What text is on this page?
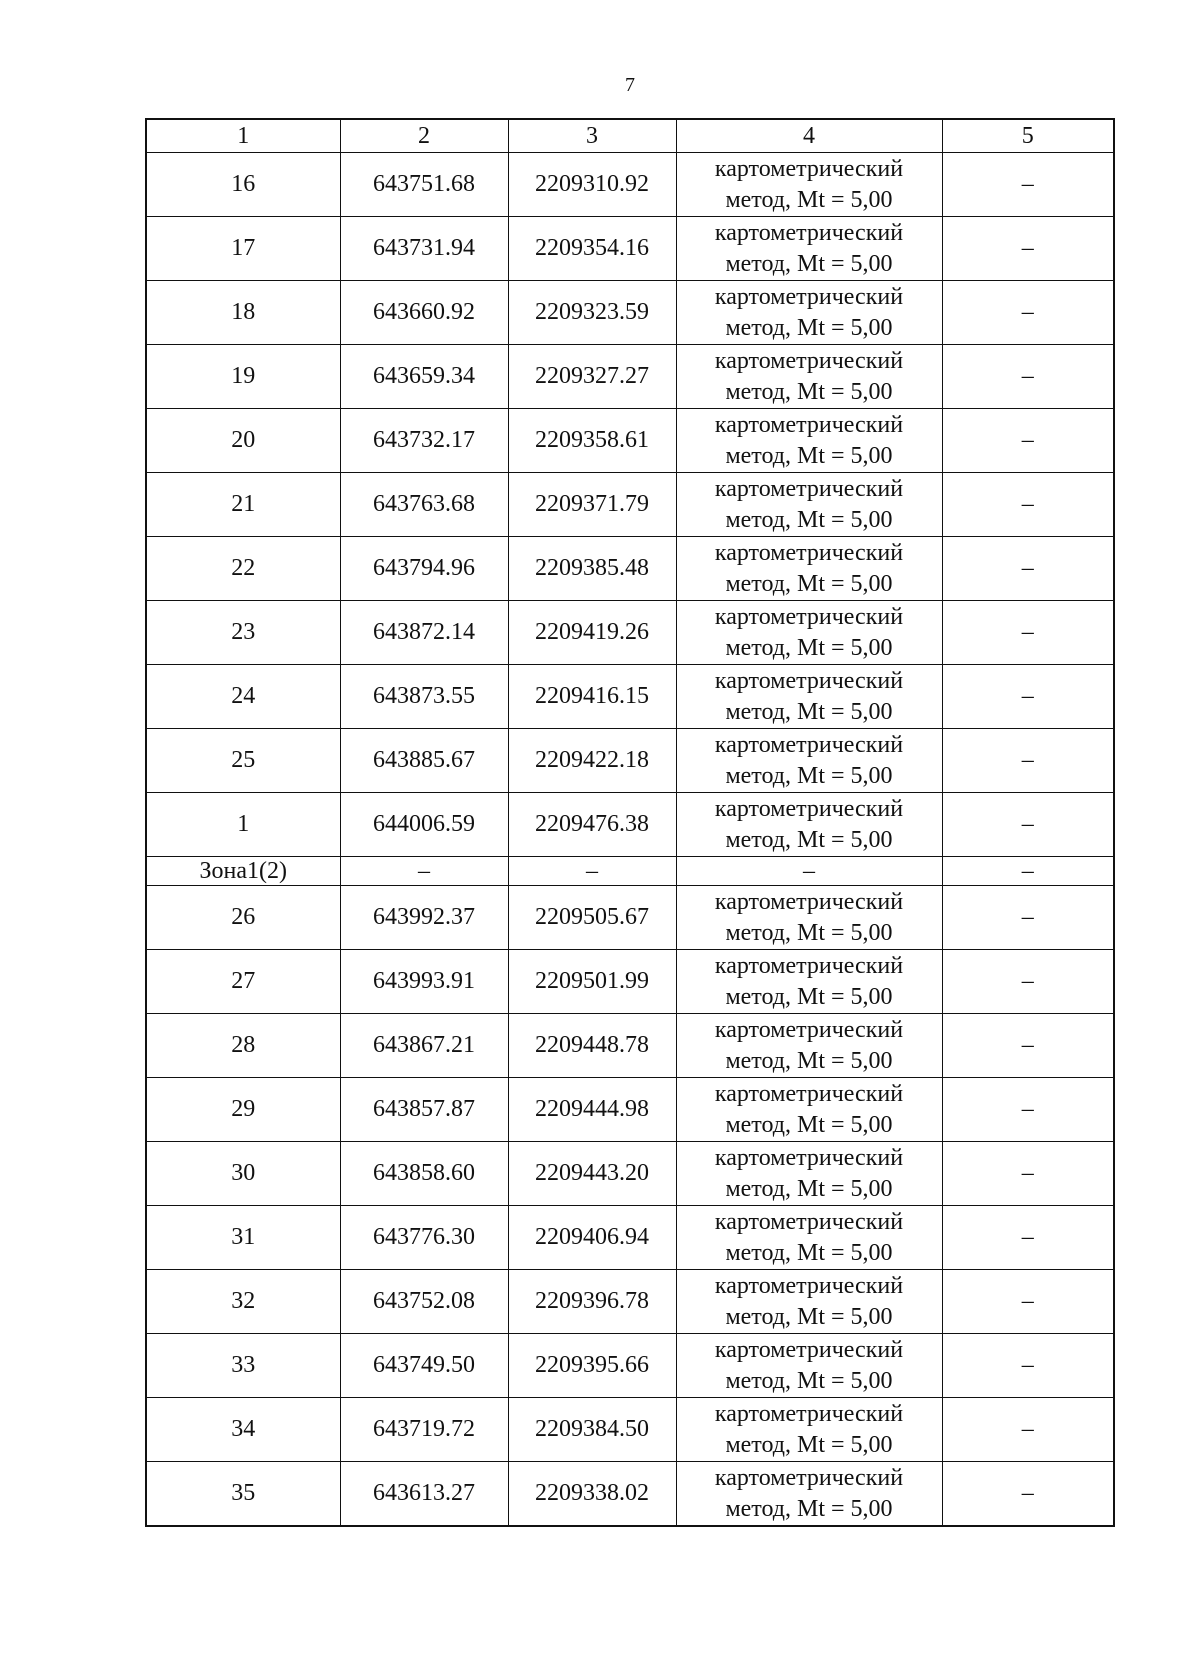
7
1	2	3	4	5
16	643751.68	2209310.92	картометрический
метод, Mt = 5,00	–
17	643731.94	2209354.16	картометрический
метод, Mt = 5,00	–
18	643660.92	2209323.59	картометрический
метод, Mt = 5,00	–
19	643659.34	2209327.27	картометрический
метод, Mt = 5,00	–
20	643732.17	2209358.61	картометрический
метод, Mt = 5,00	–
21	643763.68	2209371.79	картометрический
метод, Mt = 5,00	–
22	643794.96	2209385.48	картометрический
метод, Mt = 5,00	–
23	643872.14	2209419.26	картометрический
метод, Mt = 5,00	–
24	643873.55	2209416.15	картометрический
метод, Mt = 5,00	–
25	643885.67	2209422.18	картометрический
метод, Mt = 5,00	–
1	644006.59	2209476.38	картометрический
метод, Mt = 5,00	–
Зона1(2)	–	–	–	–
26	643992.37	2209505.67	картометрический
метод, Mt = 5,00	–
27	643993.91	2209501.99	картометрический
метод, Mt = 5,00	–
28	643867.21	2209448.78	картометрический
метод, Mt = 5,00	–
29	643857.87	2209444.98	картометрический
метод, Mt = 5,00	–
30	643858.60	2209443.20	картометрический
метод, Mt = 5,00	–
31	643776.30	2209406.94	картометрический
метод, Mt = 5,00	–
32	643752.08	2209396.78	картометрический
метод, Mt = 5,00	–
33	643749.50	2209395.66	картометрический
метод, Mt = 5,00	–
34	643719.72	2209384.50	картометрический
метод, Mt = 5,00	–
35	643613.27	2209338.02	картометрический
метод, Mt = 5,00	–
